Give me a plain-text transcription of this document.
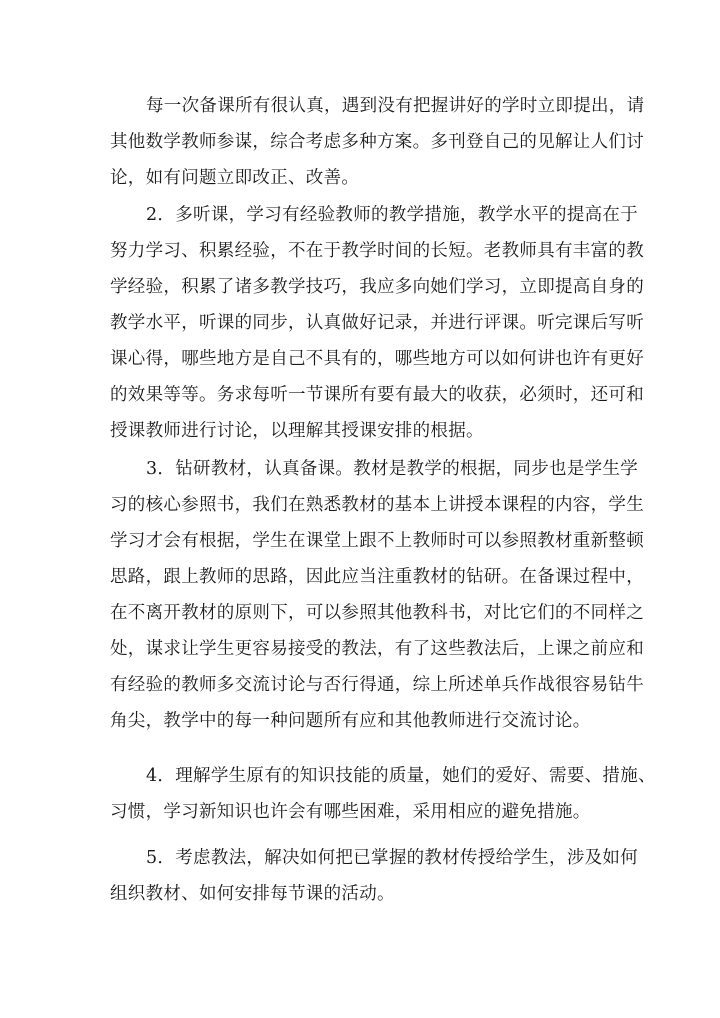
每一次备课所有很认真，遇到没有把握讲好的学时立即提出，请
其他数学教师参谋，综合考虑多种方案。多刊登自己的见解让人们讨
论，如有问题立即改正、改善。
2．多听课，学习有经验教师的教学措施，教学水平的提高在于
努力学习、积累经验，不在于教学时间的长短。老教师具有丰富的教
学经验，积累了诸多教学技巧，我应多向她们学习，立即提高自身的
教学水平，听课的同步，认真做好记录，并进行评课。听完课后写听
课心得，哪些地方是自己不具有的，哪些地方可以如何讲也许有更好
的效果等等。务求每听一节课所有要有最大的收获，必须时，还可和
授课教师进行讨论，以理解其授课安排的根据。
3．钻研教材，认真备课。教材是教学的根据，同步也是学生学
习的核心参照书，我们在熟悉教材的基本上讲授本课程的内容，学生
学习才会有根据，学生在课堂上跟不上教师时可以参照教材重新整顿
思路，跟上教师的思路，因此应当注重教材的钻研。在备课过程中，
在不离开教材的原则下，可以参照其他教科书，对比它们的不同样之
处，谋求让学生更容易接受的教法，有了这些教法后，上课之前应和
有经验的教师多交流讨论与否行得通，综上所述单兵作战很容易钻牛
角尖，教学中的每一种问题所有应和其他教师进行交流讨论。
4．理解学生原有的知识技能的质量，她们的爱好、需要、措施、
习惯，学习新知识也许会有哪些困难，采用相应的避免措施。
5．考虑教法，解决如何把已掌握的教材传授给学生，涉及如何
组织教材、如何安排每节课的活动。
